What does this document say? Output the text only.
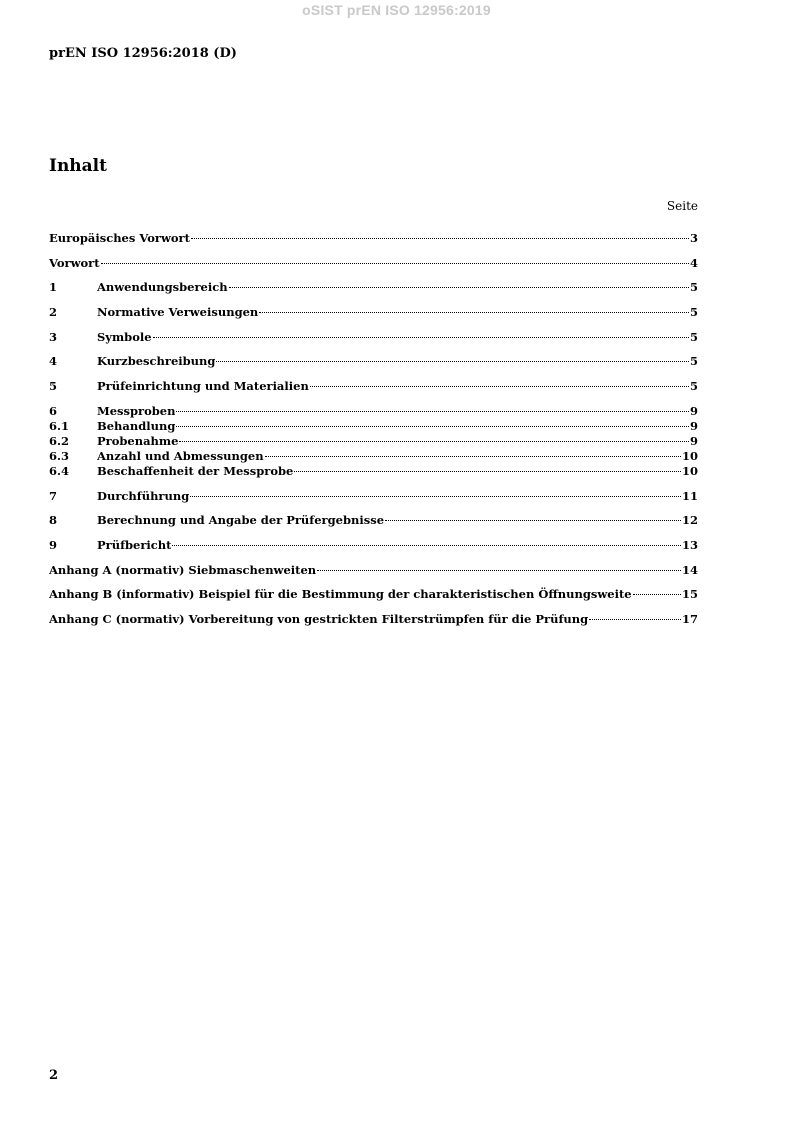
oSIST prEN ISO 12956:2019
prEN ISO 12956:2018 (D)
Inhalt
Seite
Europäisches Vorwort	3
Vorwort	4
1	Anwendungsbereich	5
2	Normative Verweisungen	5
3	Symbole	5
4	Kurzbeschreibung	5
5	Prüfeinrichtung und Materialien	5
6	Messproben	9
6.1	Behandlung	9
6.2	Probenahme	9
6.3	Anzahl und Abmessungen	10
6.4	Beschaffenheit der Messprobe	10
7	Durchführung	11
8	Berechnung und Angabe der Prüfergebnisse	12
9	Prüfbericht	13
Anhang A (normativ) Siebmaschenweiten	14
Anhang B (informativ) Beispiel für die Bestimmung der charakteristischen Öffnungsweite	15
Anhang C (normativ) Vorbereitung von gestrickten Filterstrümpfen für die Prüfung	17
2
